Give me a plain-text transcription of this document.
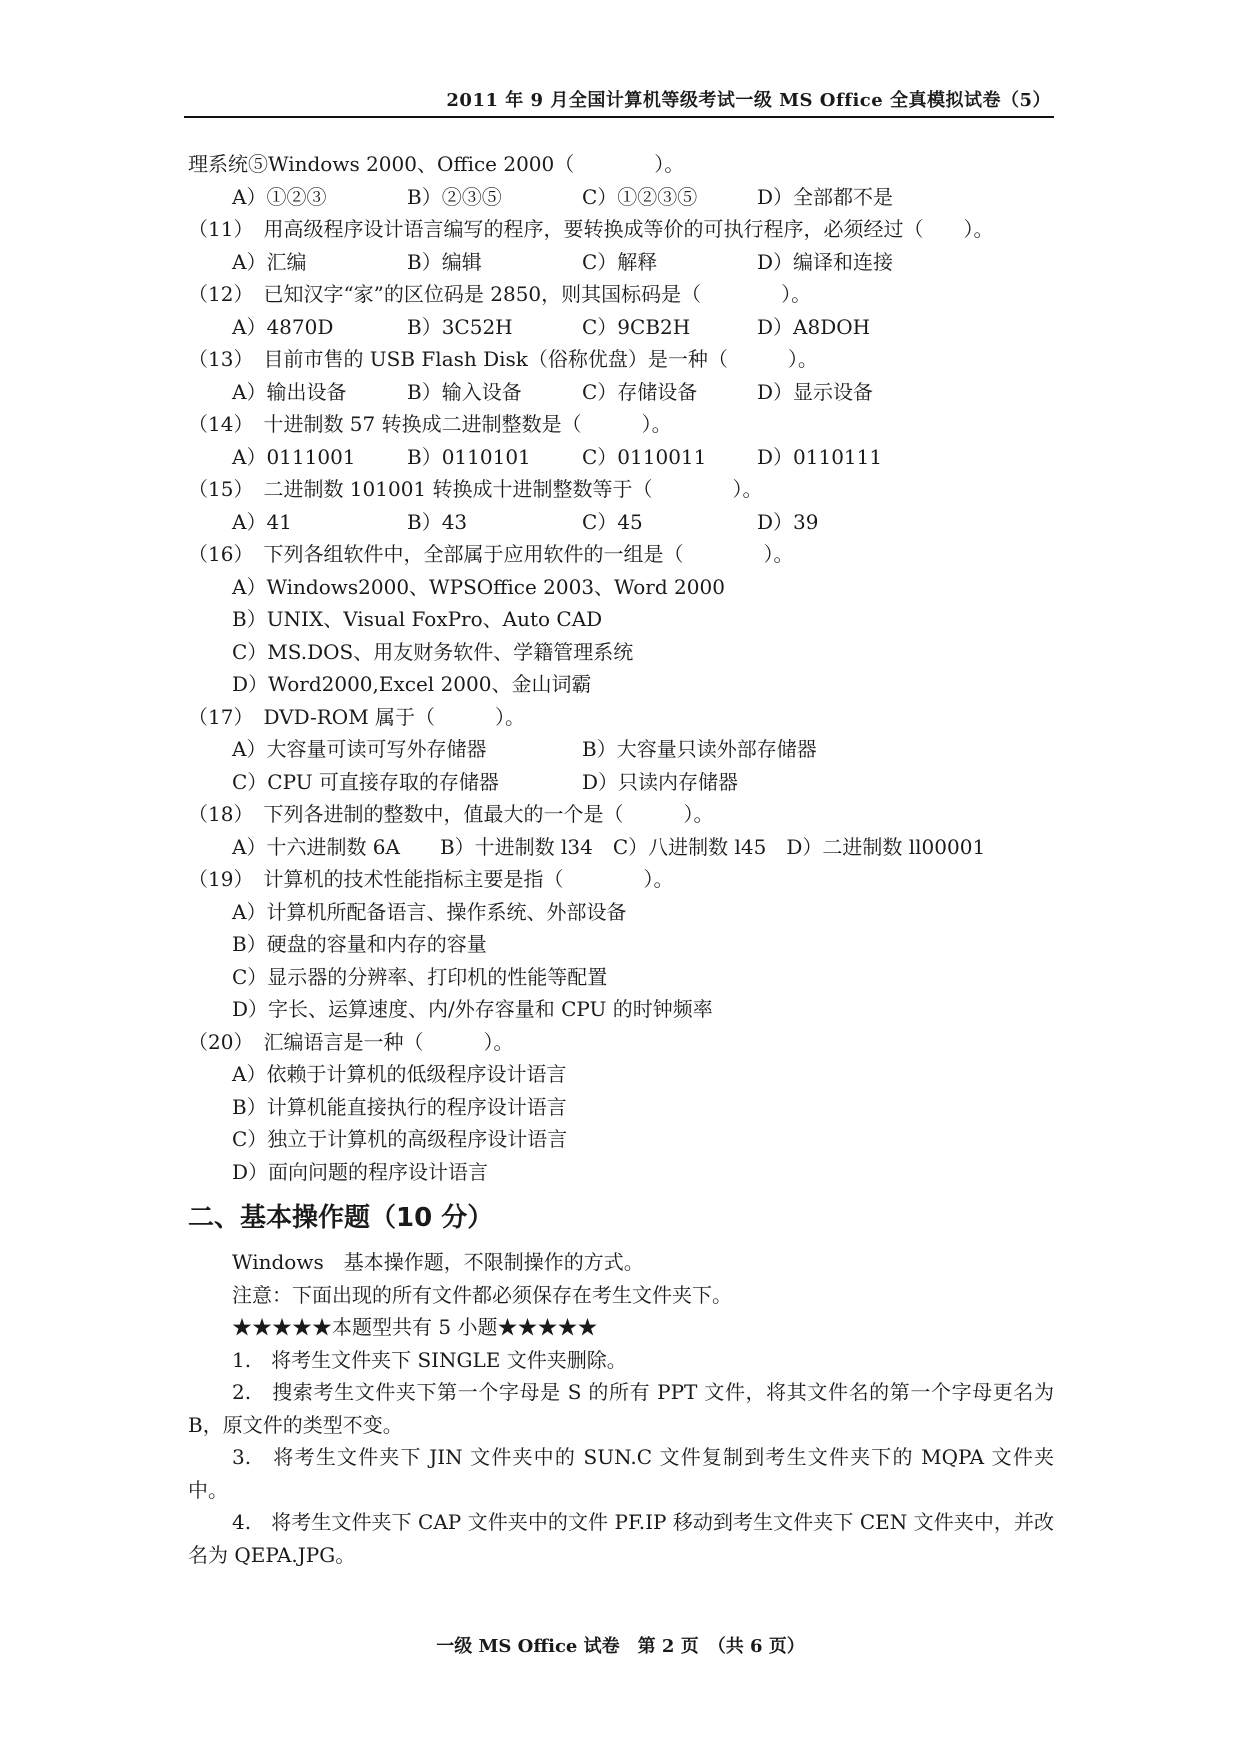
2011 年 9 月全国计算机等级考试一级 MS Office 全真模拟试卷（5）
理系统⑤Windows 2000、Office 2000（　　　　）。
A）①②③	B）②③⑤	C）①②③⑤	D）全部都不是
（11）　用高级程序设计语言编写的程序，要转换成等价的可执行程序，必须经过（　　）。
A）汇编	B）编辑	C）解释	D）编译和连接
（12）　已知汉字“家”的区位码是 2850，则其国标码是（　　　　）。
A）4870D	B）3C52H	C）9CB2H	D）A8DOH
（13）　目前市售的 USB Flash Disk（俗称优盘）是一种（　　　）。
A）输出设备	B）输入设备	C）存储设备	D）显示设备
（14）　十进制数 57 转换成二进制整数是（　　　）。
A）0111001	B）0110101	C）0110011	D）0110111
（15）　二进制数 101001 转换成十进制整数等于（　　　　）。
A）41	B）43	C）45	D）39
（16）　下列各组软件中，全部属于应用软件的一组是（　　　　）。
A）Windows2000、WPSOffice 2003、Word 2000
B）UNIX、Visual FoxPro、Auto CAD
C）MS.DOS、用友财务软件、学籍管理系统
D）Word2000,Excel 2000、金山词霸
（17）　DVD-ROM 属于（　　　）。
A）大容量可读可写外存储器	B）大容量只读外部存储器
C）CPU 可直接存取的存储器	D）只读内存储器
（18）　下列各进制的整数中，值最大的一个是（　　　）。
A）十六进制数 6A　　B）十进制数 l34　C）八进制数 l45　D）二进制数 ll00001
（19）　计算机的技术性能指标主要是指（　　　　）。
A）计算机所配备语言、操作系统、外部设备
B）硬盘的容量和内存的容量
C）显示器的分辨率、打印机的性能等配置
D）字长、运算速度、内/外存容量和 CPU 的时钟频率
（20）　汇编语言是一种（　　　）。
A）依赖于计算机的低级程序设计语言
B）计算机能直接执行的程序设计语言
C）独立于计算机的高级程序设计语言
D）面向问题的程序设计语言
二、基本操作题（10 分）
Windows　基本操作题，不限制操作的方式。
注意：下面出现的所有文件都必须保存在考生文件夹下。
★★★★★本题型共有 5 小题★★★★★
1.　将考生文件夹下 SINGLE 文件夹删除。
2.　搜索考生文件夹下第一个字母是 S 的所有 PPT 文件，将其文件名的第一个字母更名为 B，原文件的类型不变。
3.　将考生文件夹下 JIN 文件夹中的 SUN.C 文件复制到考生文件夹下的 MQPA 文件夹中。
4.　将考生文件夹下 CAP 文件夹中的文件 PF.IP 移动到考生文件夹下 CEN 文件夹中，并改名为 QEPA.JPG。
一级 MS Office 试卷　第 2 页　（共 6 页）
